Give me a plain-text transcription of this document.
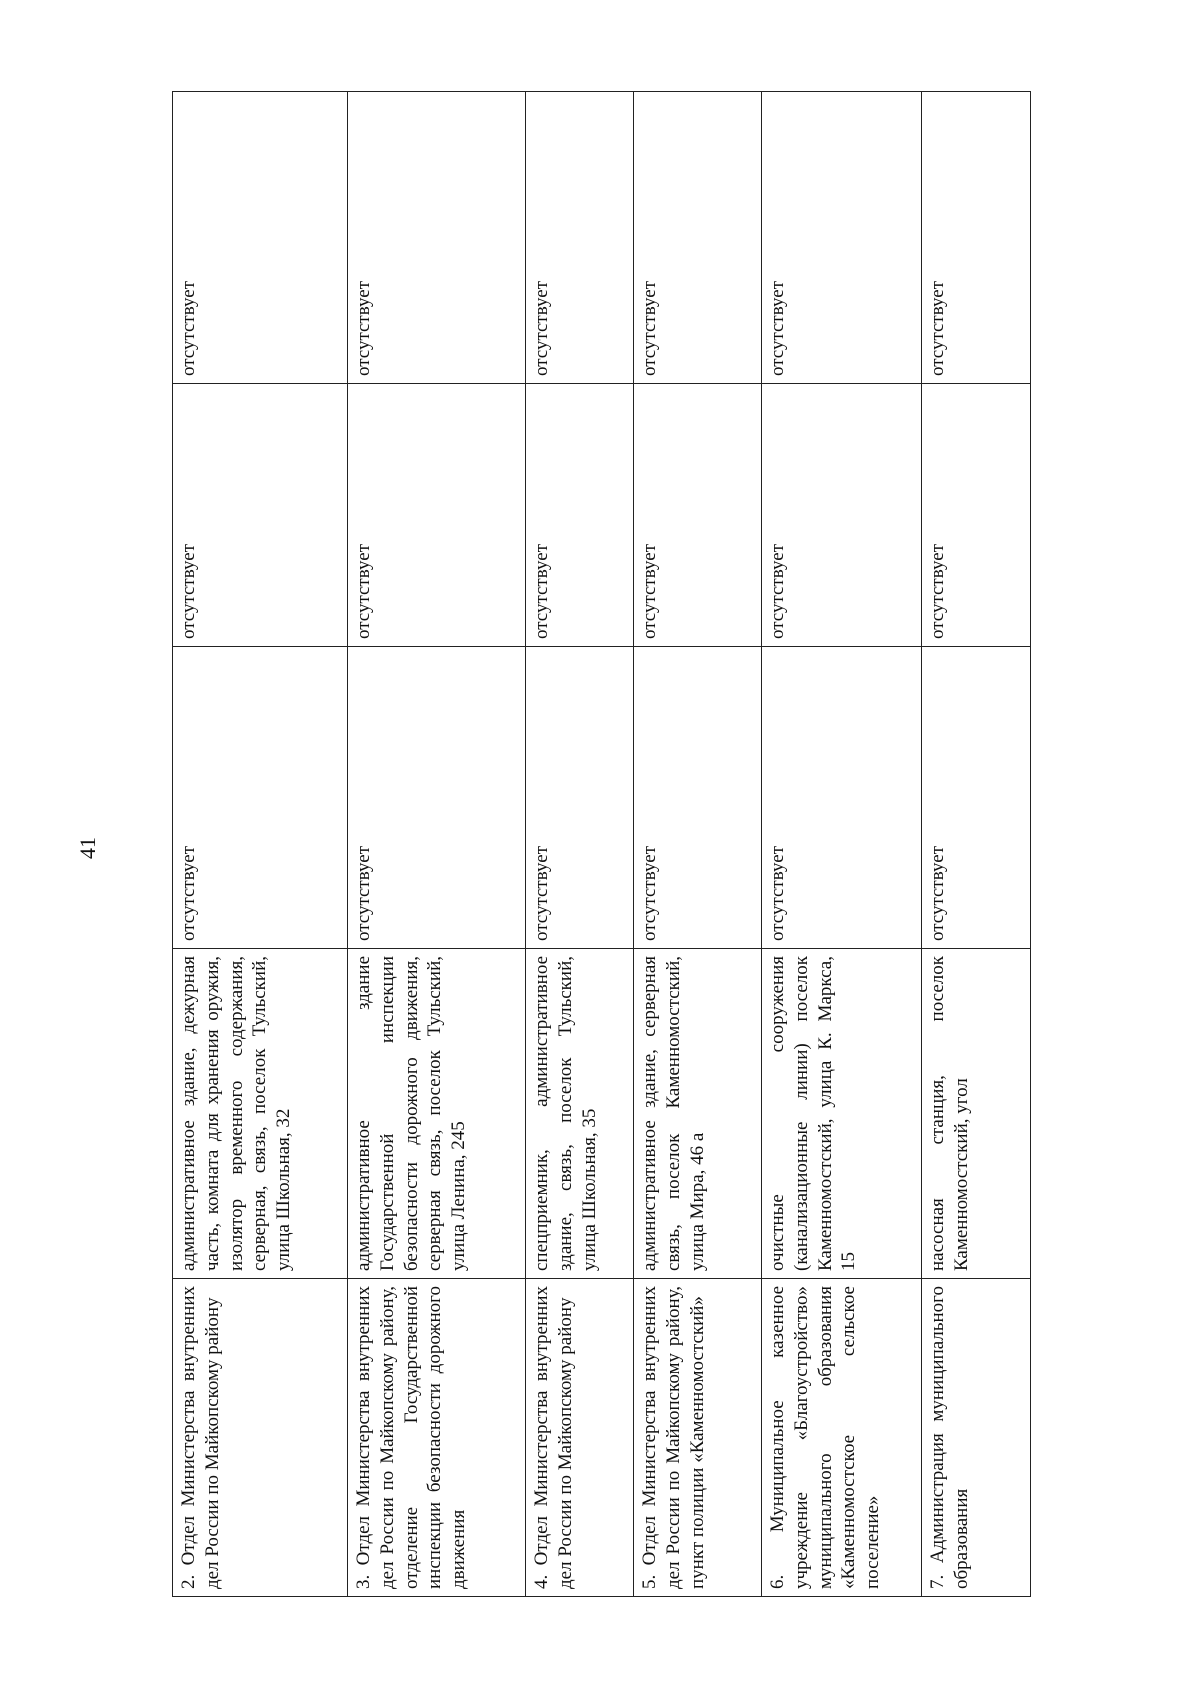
41
2. Отдел Министерства внутренних дел России по Майкопскому району	административное здание, дежурная часть, комната для хранения оружия, изолятор временного содержания, серверная, связь, поселок Тульский, улица Школьная, 32	отсутствует	отсутствует	отсутствует
3. Отдел Министерства внутренних дел России по Майкопскому району, отделение Государственной инспекции безопасности дорожного движения	административное здание Государственной инспекции безопасности дорожного движения, серверная связь, поселок Тульский, улица Ленина, 245	отсутствует	отсутствует	отсутствует
4. Отдел Министерства внутренних дел России по Майкопскому району	спецприемник, административное здание, связь, поселок Тульский, улица Школьная, 35	отсутствует	отсутствует	отсутствует
5. Отдел Министерства внутренних дел России по Майкопскому району, пункт полиции «Каменномостский»	административное здание, серверная связь, поселок Каменномостский, улица Мира, 46 а	отсутствует	отсутствует	отсутствует
6. Муниципальное казенное учреждение «Благоустройство» муниципального образования «Каменномостское сельское поселение»	очистные сооружения (канализационные линии) поселок Каменномостский, улица К. Маркса, 15	отсутствует	отсутствует	отсутствует
7. Администрация муниципального образования	насосная станция, поселок Каменномостский, угол	отсутствует	отсутствует	отсутствует
